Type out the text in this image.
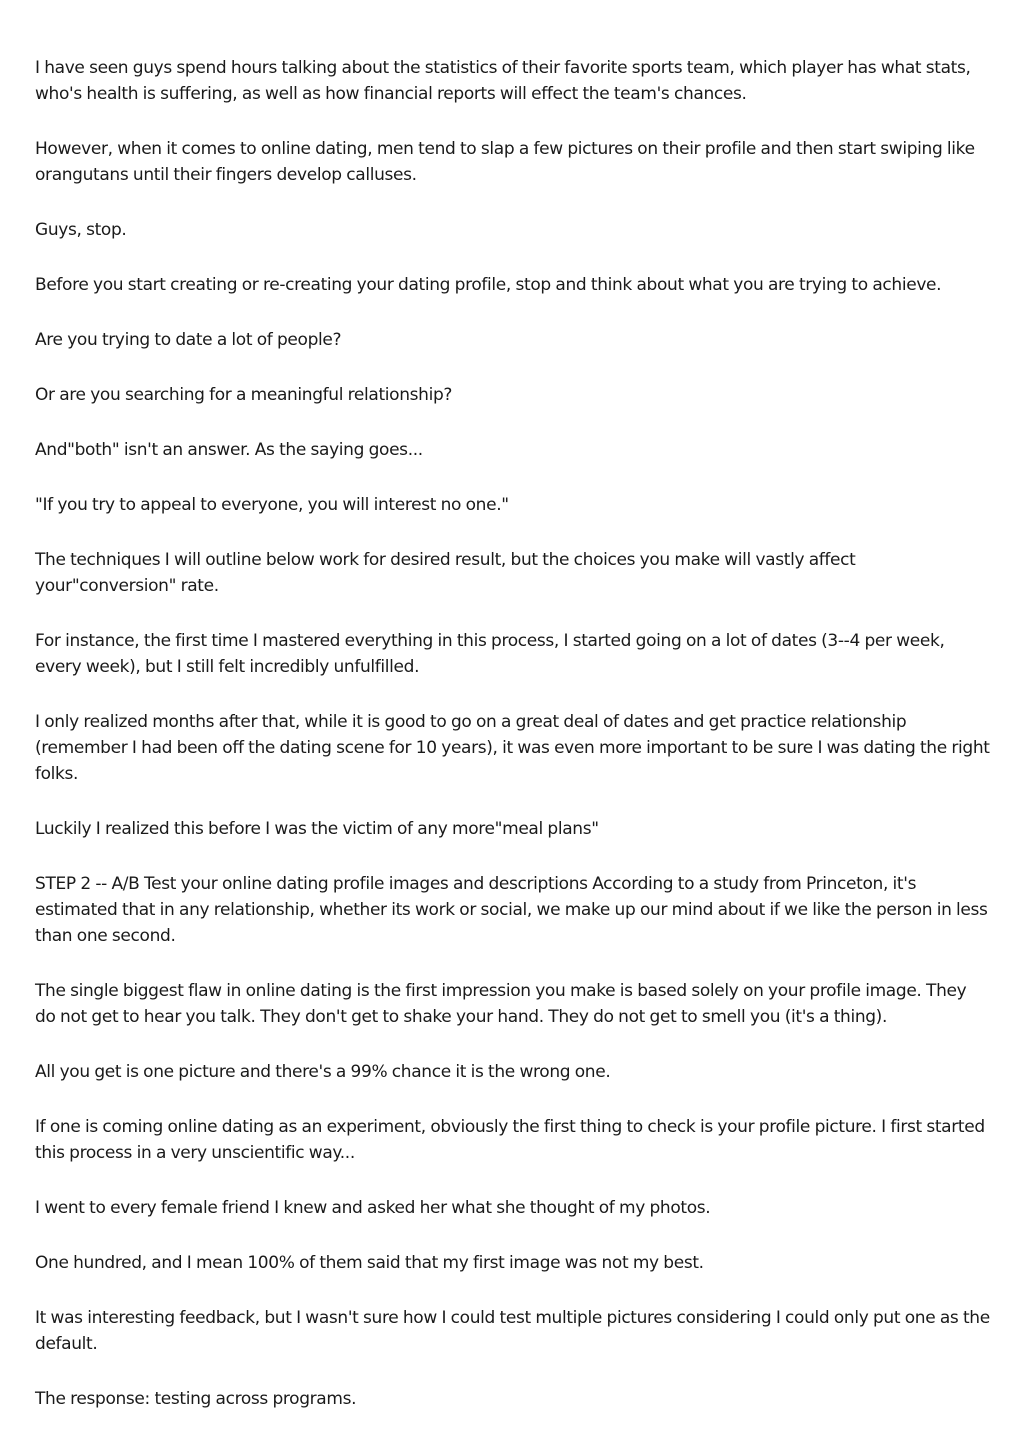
I have seen guys spend hours talking about the statistics of their favorite sports team, which player has what stats, who's health is suffering, as well as how financial reports will effect the team's chances.

However, when it comes to online dating, men tend to slap a few pictures on their profile and then start swiping like orangutans until their fingers develop calluses.

Guys, stop.

Before you start creating or re-creating your dating profile, stop and think about what you are trying to achieve.

Are you trying to date a lot of people?

Or are you searching for a meaningful relationship?

And"both" isn't an answer. As the saying goes...

"If you try to appeal to everyone, you will interest no one."

The techniques I will outline below work for desired result, but the choices you make will vastly affect your"conversion" rate.

For instance, the first time I mastered everything in this process, I started going on a lot of dates (3--4 per week, every week), but I still felt incredibly unfulfilled.

I only realized months after that, while it is good to go on a great deal of dates and get practice relationship (remember I had been off the dating scene for 10 years), it was even more important to be sure I was dating the right folks.

Luckily I realized this before I was the victim of any more"meal plans"

STEP 2 -- A/B Test your online dating profile images and descriptions According to a study from Princeton, it's estimated that in any relationship, whether its work or social, we make up our mind about if we like the person in less than one second.

The single biggest flaw in online dating is the first impression you make is based solely on your profile image. They do not get to hear you talk. They don't get to shake your hand. They do not get to smell you (it's a thing).

All you get is one picture and there's a 99% chance it is the wrong one.

If one is coming online dating as an experiment, obviously the first thing to check is your profile picture. I first started this process in a very unscientific way...

I went to every female friend I knew and asked her what she thought of my photos.

One hundred, and I mean 100% of them said that my first image was not my best.

It was interesting feedback, but I wasn't sure how I could test multiple pictures considering I could only put one as the default.

The response: testing across programs.
